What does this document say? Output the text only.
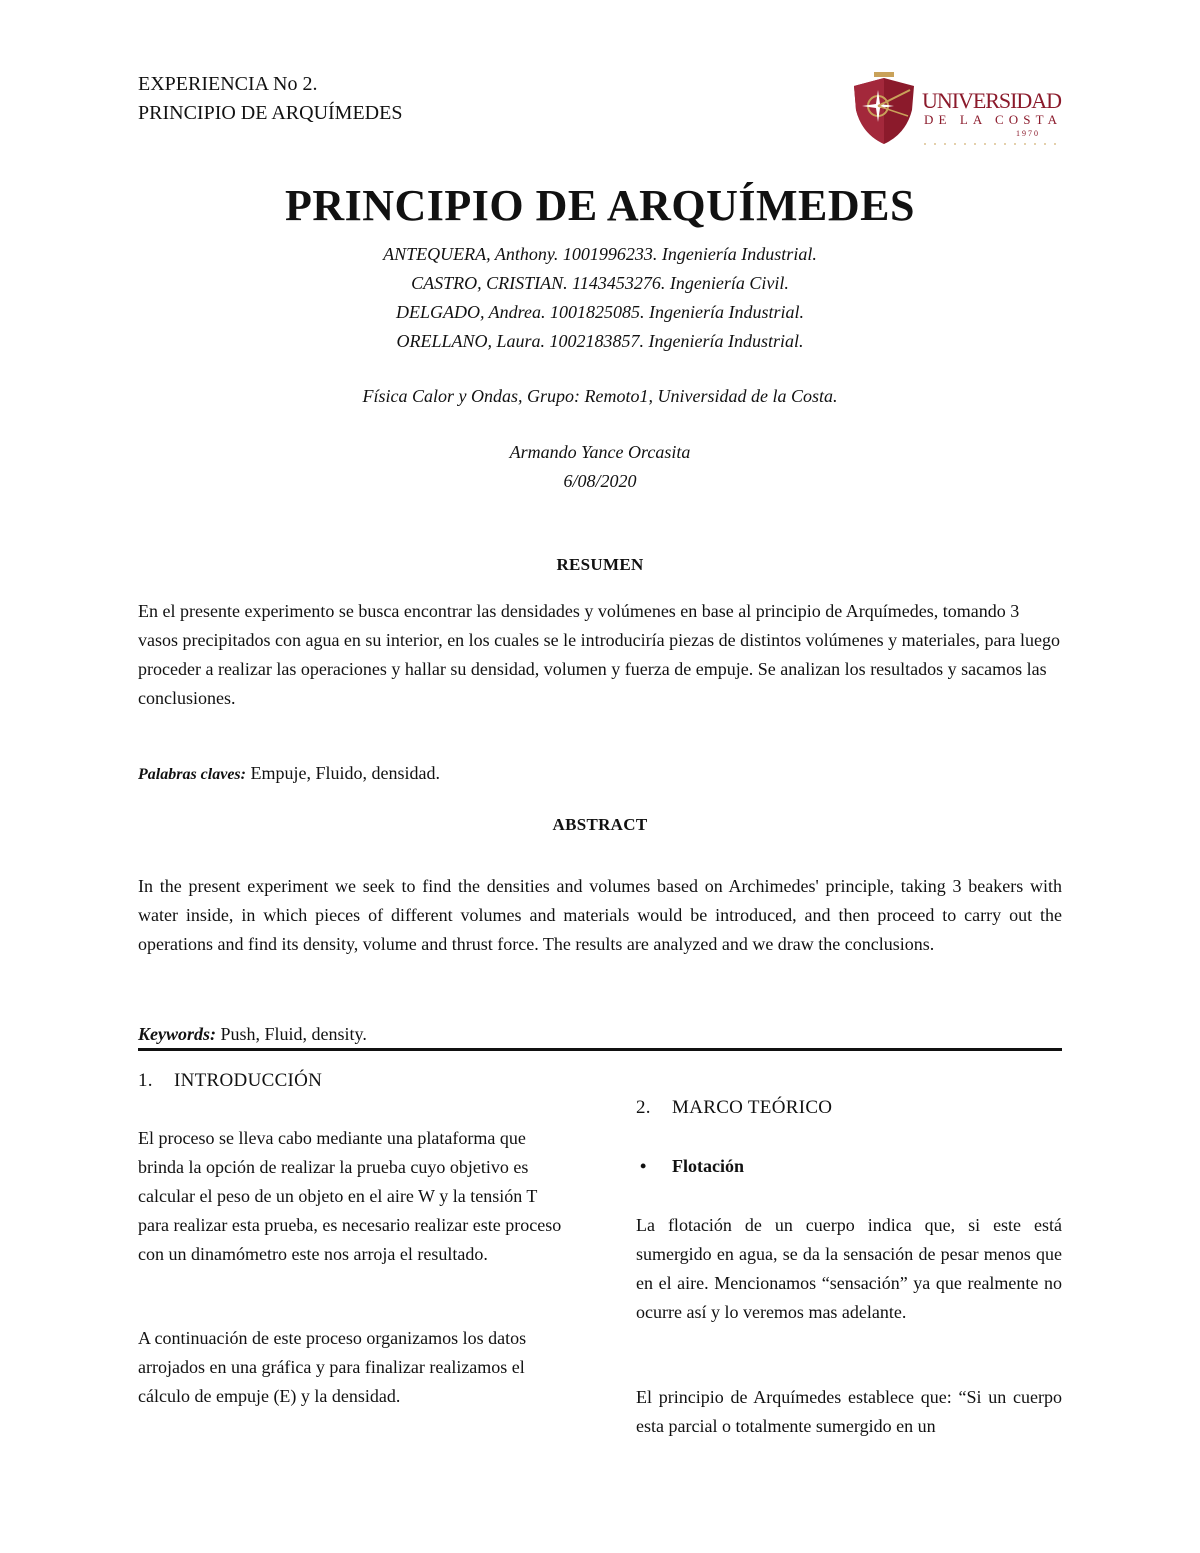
EXPERIENCIA No 2.
PRINCIPIO DE ARQUÍMEDES	UNIVERSIDAD
DE LA COSTA
1 9 7 0
PRINCIPIO DE ARQUÍMEDES
ANTEQUERA, Anthony. 1001996233. Ingeniería Industrial.
CASTRO, CRISTIAN. 1143453276. Ingeniería Civil.
DELGADO, Andrea. 1001825085. Ingeniería Industrial.
ORELLANO, Laura. 1002183857. Ingeniería Industrial.
Física Calor y Ondas, Grupo: Remoto1, Universidad de la Costa.
Armando Yance Orcasita
6/08/2020
RESUMEN
En el presente experimento se busca encontrar las densidades y volúmenes en base al principio de Arquímedes, tomando 3 vasos precipitados con agua en su interior, en los cuales se le introduciría piezas de distintos volúmenes y materiales, para luego proceder a realizar las operaciones y hallar su densidad, volumen y fuerza de empuje. Se analizan los resultados y sacamos las conclusiones.
Palabras claves: Empuje, Fluido, densidad.
ABSTRACT
In the present experiment we seek to find the densities and volumes based on Archimedes' principle, taking 3 beakers with water inside, in which pieces of different volumes and materials would be introduced, and then proceed to carry out the operations and find its density, volume and thrust force. The results are analyzed and we draw the conclusions.
Keywords: Push, Fluid, density.
1. INTRODUCCIÓN
El proceso se lleva cabo mediante una plataforma que brinda la opción de realizar la prueba cuyo objetivo es calcular el peso de un objeto en el aire W y la tensión T para realizar esta prueba, es necesario realizar este proceso con un dinamómetro este nos arroja el resultado.
A continuación de este proceso organizamos los datos arrojados en una gráfica y para finalizar realizamos el cálculo de empuje (E) y la densidad.
2. MARCO TEÓRICO
• Flotación
La flotación de un cuerpo indica que, si este está sumergido en agua, se da la sensación de pesar menos que en el aire. Mencionamos “sensación” ya que realmente no ocurre así y lo veremos mas adelante.
El principio de Arquímedes establece que: “Si un cuerpo esta parcial o totalmente sumergido en un
